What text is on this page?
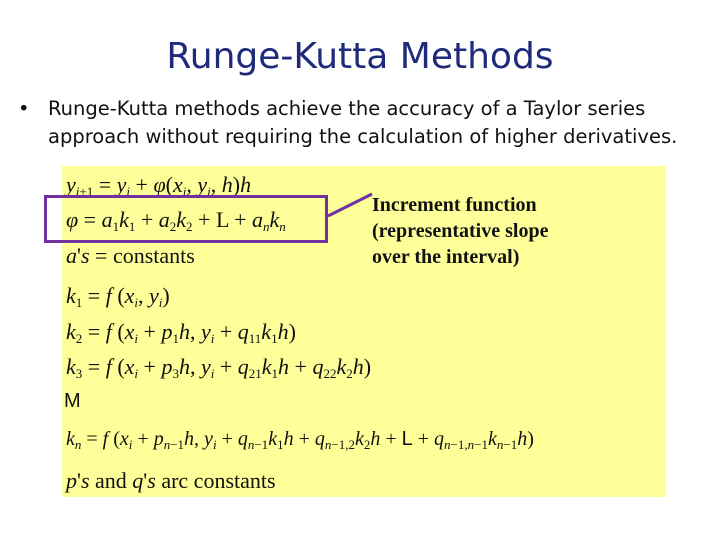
Runge-Kutta Methods
• Runge-Kutta methods achieve the accuracy of a Taylor series approach without requiring the calculation of higher derivatives.
$y_{i+1} = y_i + \varphi(x_i$, $y_i$, h)h
$\varphi = a_1k_1 + a_2k_2 + L + a_nk_n$
a's = constants
$k_1 = f$ ($x_i$, $y_i$)
$k_2 = f$ ($x_i + p_1h$, $y_i + q_{11}k_1h$)
$k_3 = f$ ($x_i + p_3h$, $y_i + q_{21}k_1h + q_{22}k_2h$)
M
$k_n = f$ ($x_i + p_{n-1}h$, $y_i + q_{n-1}k_1h + q_{n-1,2}k_2h + L + q_{n-1,n-1}k_{n-1}h$)
p's and q's arc constants
Increment function
(representative slope
over the interval)
